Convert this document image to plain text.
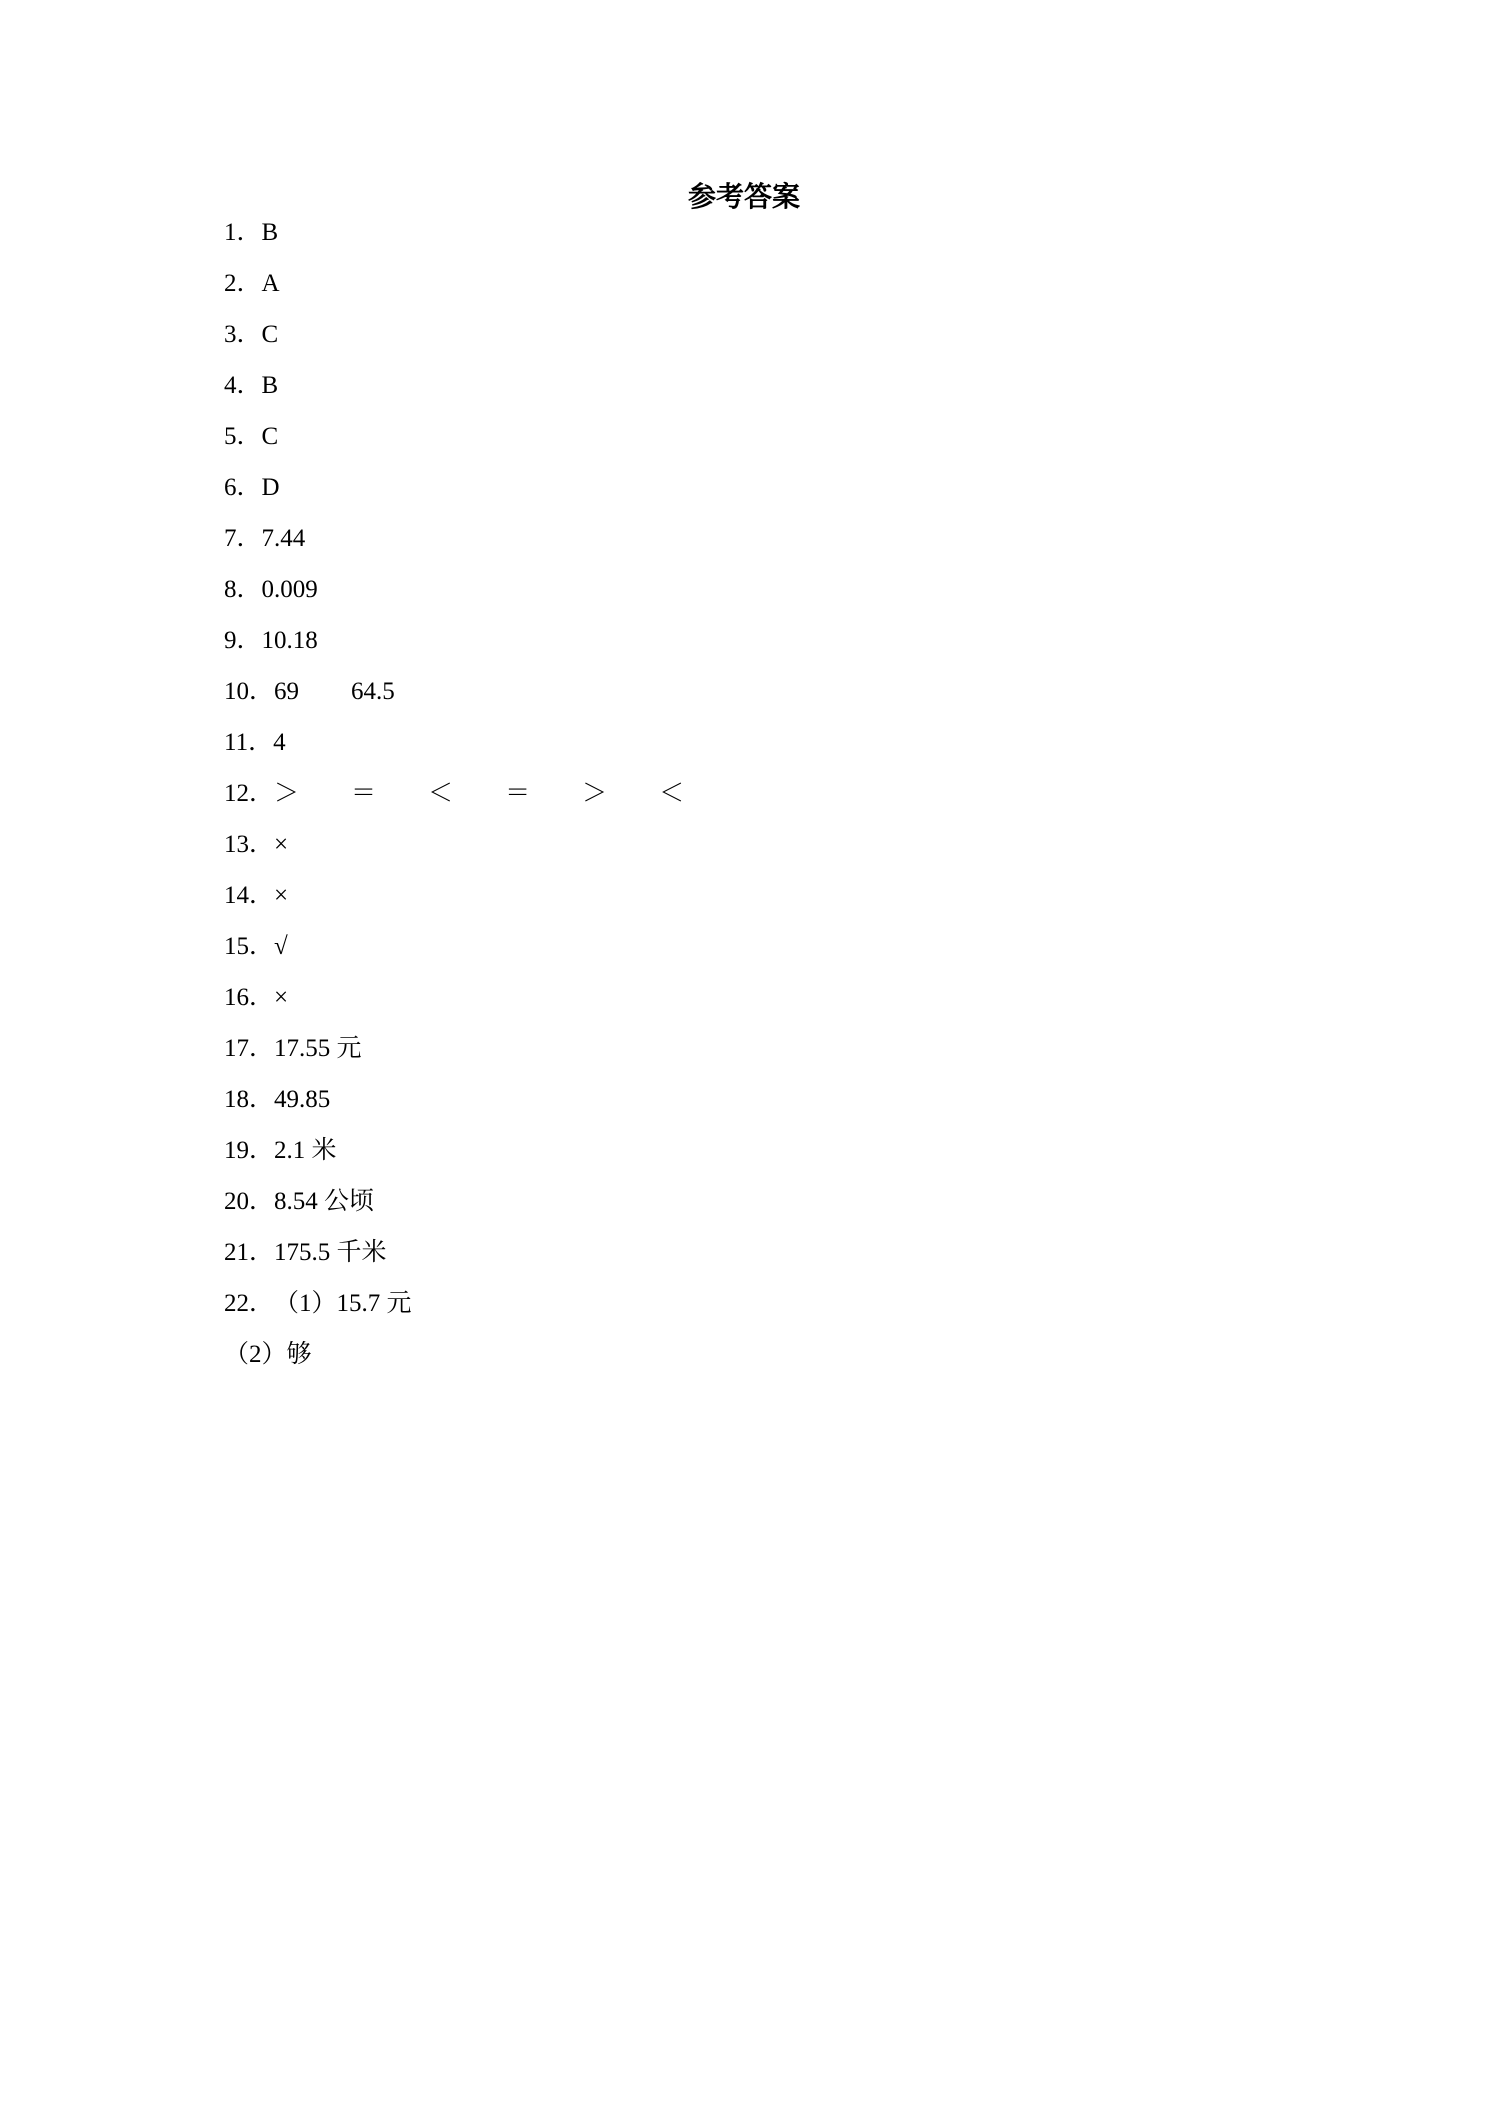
参考答案
1．B
2．A
3．C
4．B
5．C
6．D
7．7.44
8．0.009
9．10.18
10．69 64.5
11．4
12．＞ ＝ ＜ ＝ ＞ ＜
13．×
14．×
15．√
16．×
17．17.55 元
18．49.85
19．2.1 米
20．8.54 公顷
21．175.5 千米
22．（1）15.7 元
（2）够
